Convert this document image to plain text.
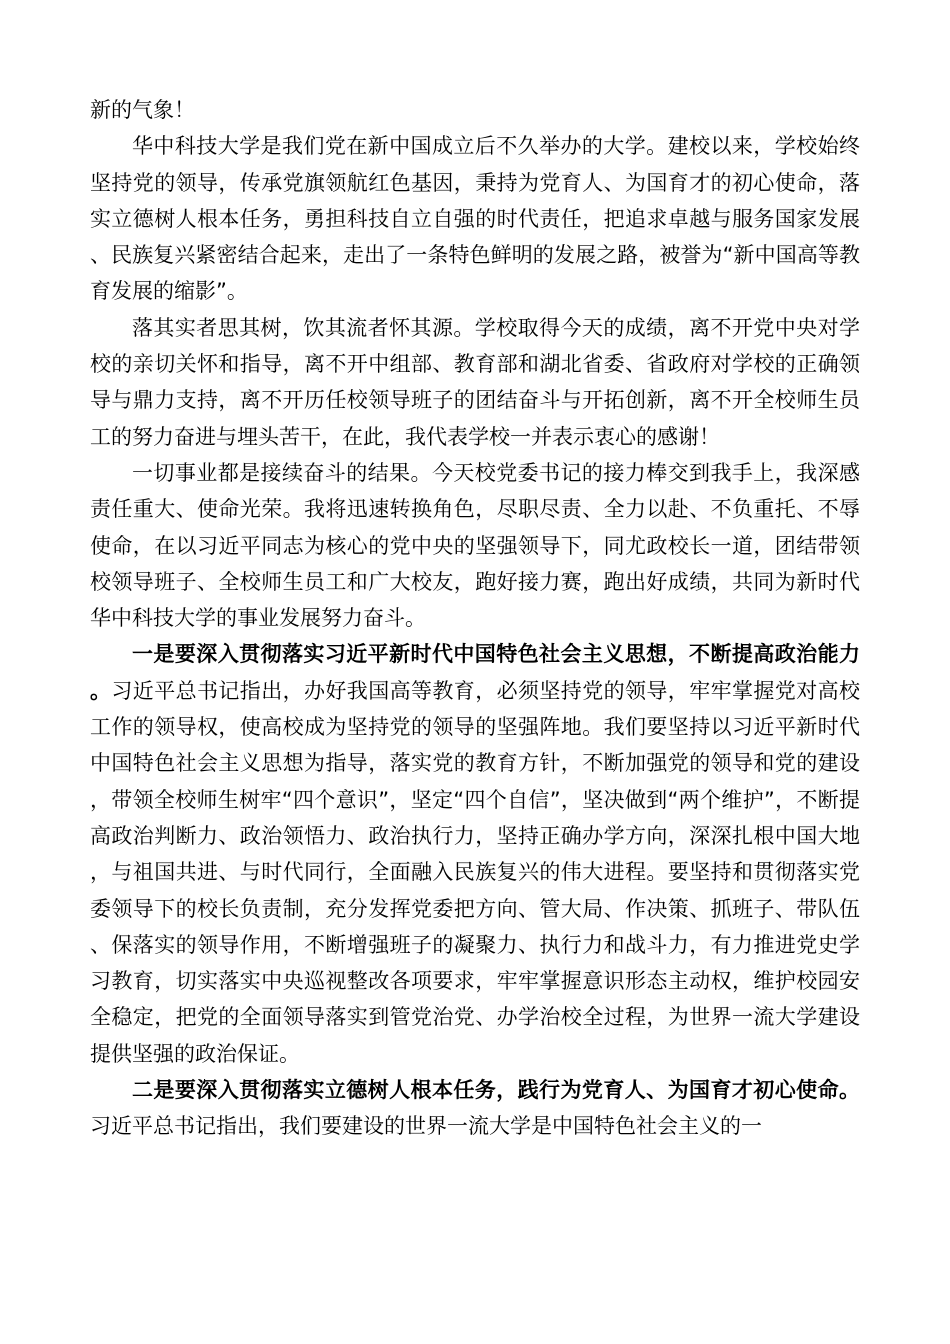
新的气象！

华中科技大学是我们党在新中国成立后不久举办的大学。建校以来，学校始终坚持党的领导，传承党旗领航红色基因，秉持为党育人、为国育才的初心使命，落实立德树人根本任务，勇担科技自立自强的时代责任，把追求卓越与服务国家发展、民族复兴紧密结合起来，走出了一条特色鲜明的发展之路，被誉为“新中国高等教育发展的缩影”。

落其实者思其树，饮其流者怀其源。学校取得今天的成绩，离不开党中央对学校的亲切关怀和指导，离不开中组部、教育部和湖北省委、省政府对学校的正确领导与鼎力支持，离不开历任校领导班子的团结奋斗与开拓创新，离不开全校师生员工的努力奋进与埋头苦干，在此，我代表学校一并表示衷心的感谢！

一切事业都是接续奋斗的结果。今天校党委书记的接力棒交到我手上，我深感责任重大、使命光荣。我将迅速转换角色，尽职尽责、全力以赴、不负重托、不辱使命，在以习近平同志为核心的党中央的坚强领导下，同尤政校长一道，团结带领校领导班子、全校师生员工和广大校友，跑好接力赛，跑出好成绩，共同为新时代华中科技大学的事业发展努力奋斗。

一是要深入贯彻落实习近平新时代中国特色社会主义思想，不断提高政治能力。习近平总书记指出，办好我国高等教育，必须坚持党的领导，牢牢掌握党对高校工作的领导权，使高校成为坚持党的领导的坚强阵地。我们要坚持以习近平新时代中国特色社会主义思想为指导，落实党的教育方针，不断加强党的领导和党的建设，带领全校师生树牢“四个意识”，坚定“四个自信”，坚决做到“两个维护”，不断提高政治判断力、政治领悟力、政治执行力，坚持正确办学方向，深深扎根中国大地，与祖国共进、与时代同行，全面融入民族复兴的伟大进程。要坚持和贯彻落实党委领导下的校长负责制，充分发挥党委把方向、管大局、作决策、抓班子、带队伍、保落实的领导作用，不断增强班子的凝聚力、执行力和战斗力，有力推进党史学习教育，切实落实中央巡视整改各项要求，牢牢掌握意识形态主动权，维护校园安全稳定，把党的全面领导落实到管党治党、办学治校全过程，为世界一流大学建设提供坚强的政治保证。

二是要深入贯彻落实立德树人根本任务，践行为党育人、为国育才初心使命。习近平总书记指出，我们要建设的世界一流大学是中国特色社会主义的一
